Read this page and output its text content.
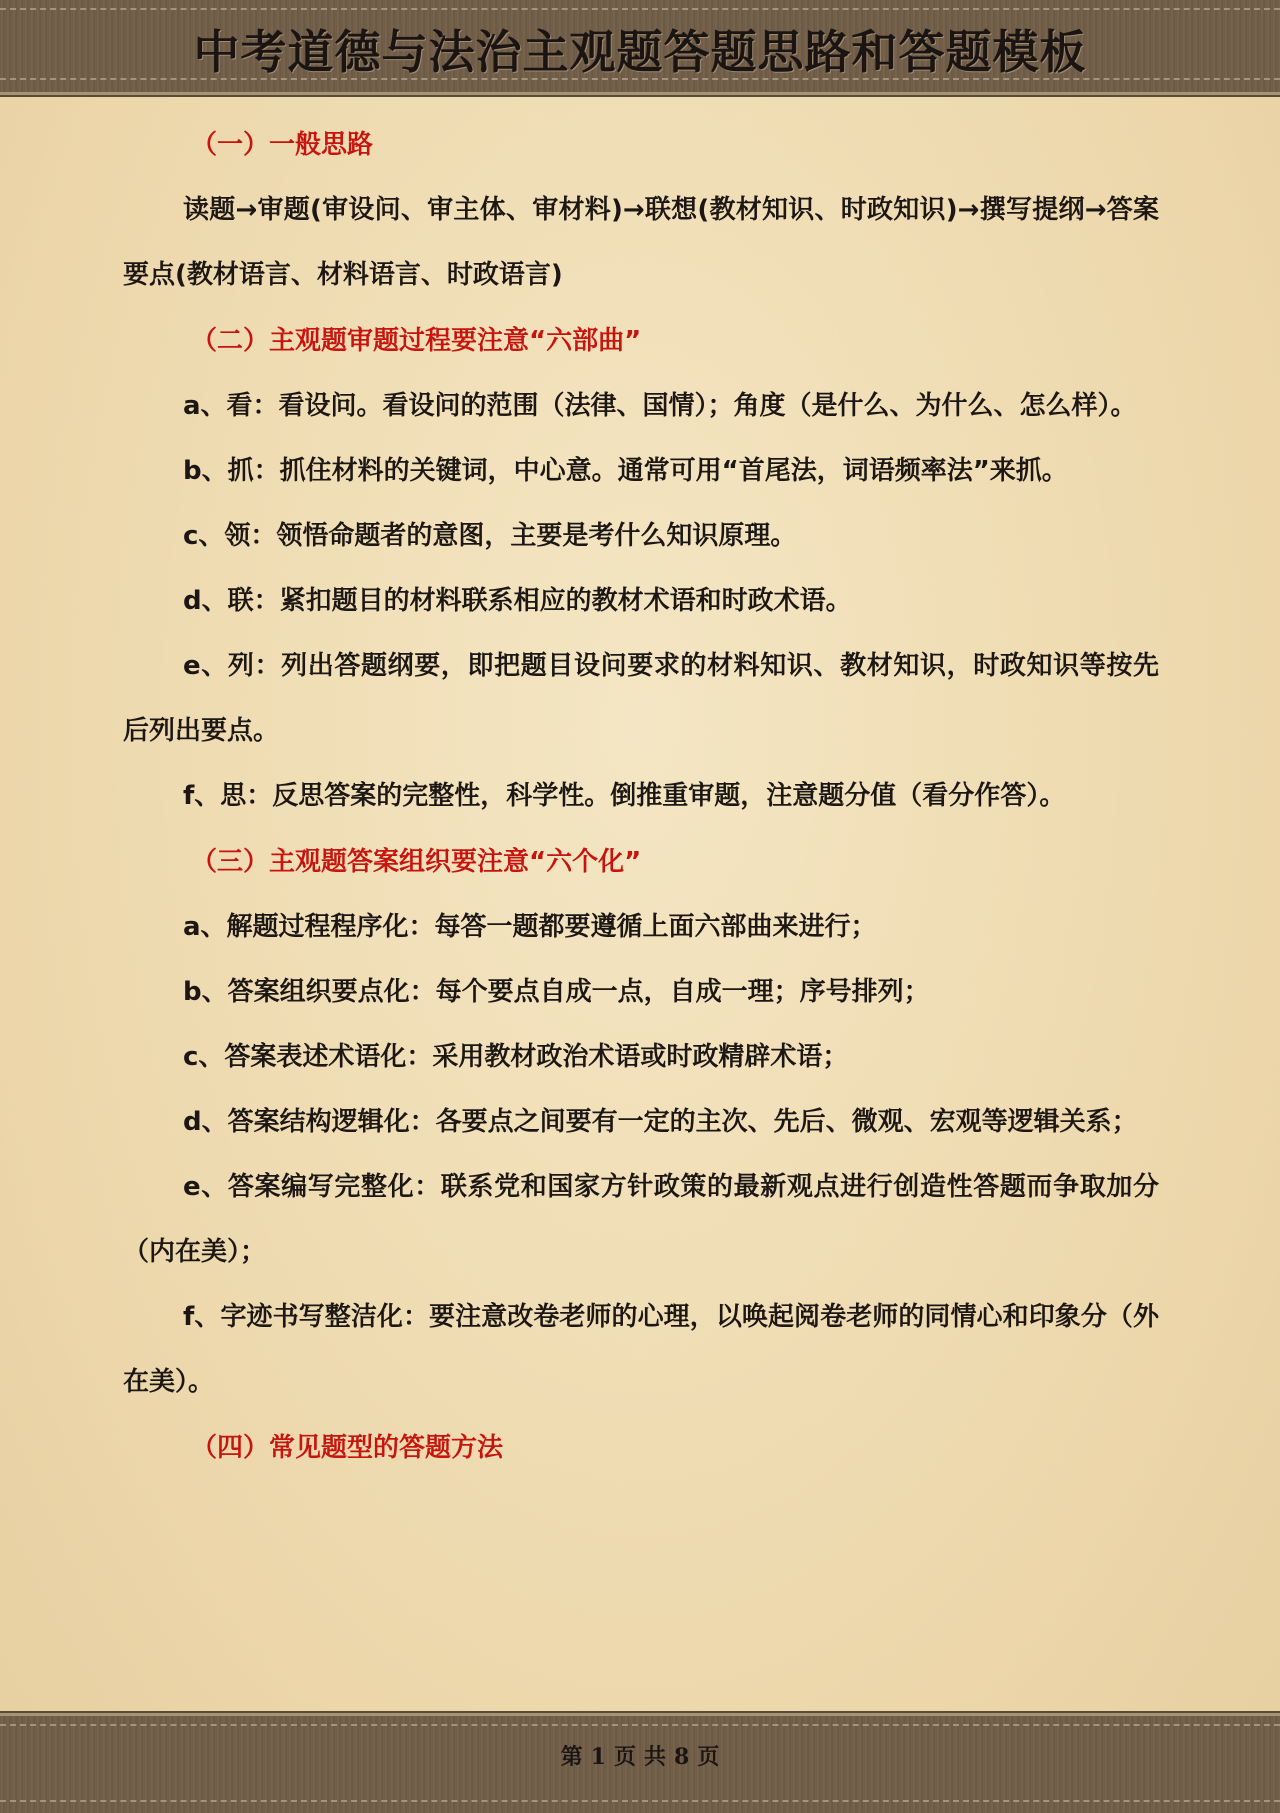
中考道德与法治主观题答题思路和答题模板
（一）一般思路
读题→审题(审设问、审主体、审材料)→联想(教材知识、时政知识)→撰写提纲→答案要点(教材语言、材料语言、时政语言)
（二）主观题审题过程要注意“六部曲”
a、看：看设问。看设问的范围（法律、国情）；角度（是什么、为什么、怎么样）。
b、抓：抓住材料的关键词，中心意。通常可用“首尾法，词语频率法”来抓。
c、领：领悟命题者的意图，主要是考什么知识原理。
d、联：紧扣题目的材料联系相应的教材术语和时政术语。
e、列：列出答题纲要，即把题目设问要求的材料知识、教材知识，时政知识等按先后列出要点。
f、思：反思答案的完整性，科学性。倒推重审题，注意题分值（看分作答）。
（三）主观题答案组织要注意“六个化”
a、解题过程程序化：每答一题都要遵循上面六部曲来进行；
b、答案组织要点化：每个要点自成一点，自成一理；序号排列；
c、答案表述术语化：采用教材政治术语或时政精辟术语；
d、答案结构逻辑化：各要点之间要有一定的主次、先后、微观、宏观等逻辑关系；
e、答案编写完整化：联系党和国家方针政策的最新观点进行创造性答题而争取加分（内在美）；
f、字迹书写整洁化：要注意改卷老师的心理，以唤起阅卷老师的同情心和印象分（外在美）。
（四）常见题型的答题方法
第 1 页 共 8 页
